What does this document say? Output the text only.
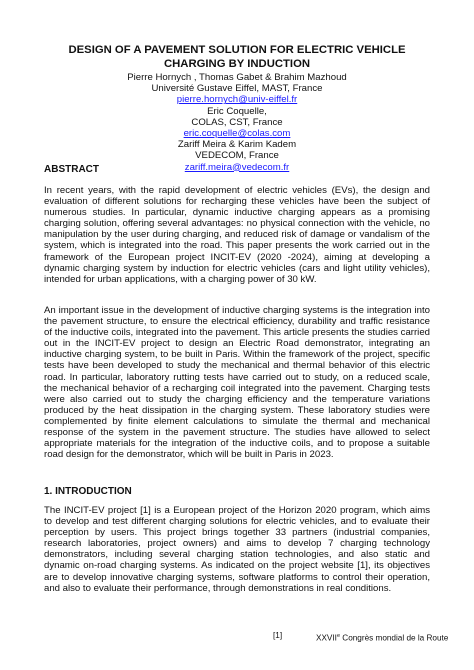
DESIGN OF A PAVEMENT SOLUTION FOR ELECTRIC VEHICLE
CHARGING BY INDUCTION
Pierre Hornych , Thomas Gabet & Brahim Mazhoud
Université Gustave Eiffel, MAST, France
pierre.hornych@univ-eiffel.fr
Eric Coquelle,
COLAS, CST, France
eric.coquelle@colas.com
Zariff Meira & Karim Kadem
VEDECOM, France
zariff.meira@vedecom.fr
ABSTRACT

In recent years, with the rapid development of electric vehicles (EVs), the design and evaluation of different solutions for recharging these vehicles have been the subject of numerous studies. In particular, dynamic inductive charging appears as a promising charging solution, offering several advantages: no physical connection with the vehicle, no manipulation by the user during charging, and reduced risk of damage or vandalism of the system, which is integrated into the road. This paper presents the work carried out in the framework of the European project INCIT-EV (2020 -2024), aiming at developing a dynamic charging system by induction for electric vehicles (cars and light utility vehicles), intended for urban applications, with a charging power of 30 kW.

An important issue in the development of inductive charging systems is the integration into the pavement structure, to ensure the electrical efficiency, durability and traffic resistance of the inductive coils, integrated into the pavement. This article presents the studies carried out in the INCIT-EV project to design an Electric Road demonstrator, integrating an inductive charging system, to be built in Paris. Within the framework of the project, specific tests have been developed to study the mechanical and thermal behavior of this electric road. In particular, laboratory rutting tests have carried out to study, on a reduced scale, the mechanical behavior of a recharging coil integrated into the pavement. Charging tests were also carried out to study the charging efficiency and the temperature variations produced by the heat dissipation in the charging system. These laboratory studies were complemented by finite element calculations to simulate the thermal and mechanical response of the system in the pavement structure. The studies have allowed to select appropriate materials for the integration of the inductive coils, and to propose a suitable road design for the demonstrator, which will be built in Paris in 2023.

1. INTRODUCTION

The INCIT-EV project [1] is a European project of the Horizon 2020 program, which aims to develop and test different charging solutions for electric vehicles, and to evaluate their perception by users. This project brings together 33 partners (industrial companies, research laboratories, project owners) and aims to develop 7 charging technology demonstrators, including several charging station technologies, and also static and dynamic on-road charging systems. As indicated on the project website [1], its objectives are to develop innovative charging systems, software platforms to control their operation, and also to evaluate their performance, through demonstrations in real conditions.

[1]	XXVIIe Congrès mondial de la Route
